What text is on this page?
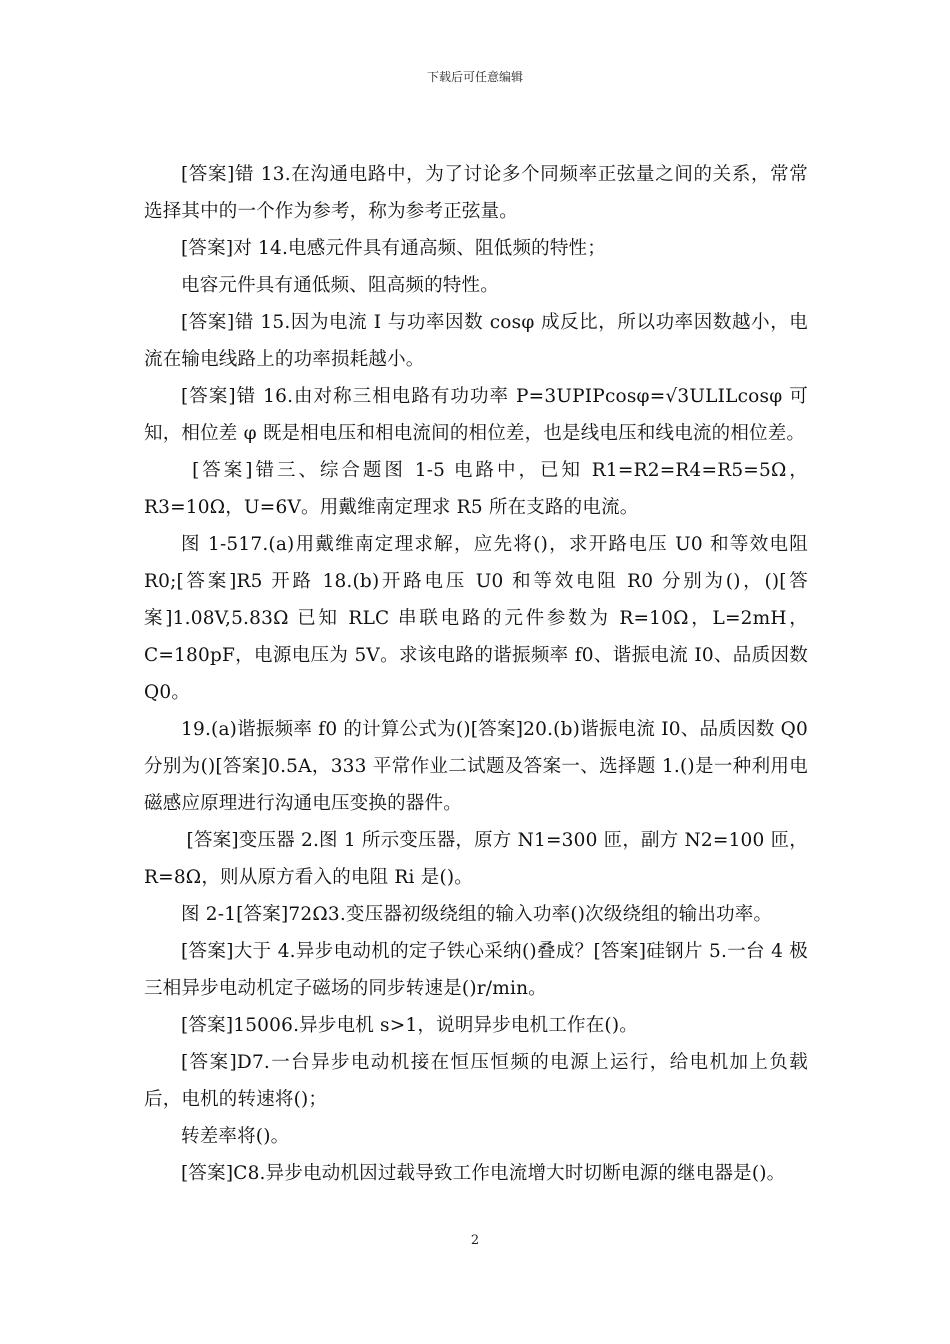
下载后可任意编辑

[答案]错 13.在沟通电路中，为了讨论多个同频率正弦量之间的关系，常常选择其中的一个作为参考，称为参考正弦量。

[答案]对 14.电感元件具有通高频、阻低频的特性；

电容元件具有通低频、阻高频的特性。

[答案]错 15.因为电流 I 与功率因数 cosφ 成反比，所以功率因数越小，电流在输电线路上的功率损耗越小。

[答案]错 16.由对称三相电路有功功率 P=3UPIPcosφ=√3ULILcosφ 可知，相位差 φ 既是相电压和相电流间的相位差，也是线电压和线电流的相位差。

[答案]错三、综合题图 1-5 电路中，已知 R1=R2=R4=R5=5Ω，R3=10Ω，U=6V。用戴维南定理求 R5 所在支路的电流。

图 1-517.(a)用戴维南定理求解，应先将()，求开路电压 U0 和等效电阻 R0;[答案]R5 开路 18.(b)开路电压 U0 和等效电阻 R0 分别为()，()[答案]1.08V,5.83Ω 已知 RLC 串联电路的元件参数为 R=10Ω，L=2mH，C=180pF，电源电压为 5V。求该电路的谐振频率 f0、谐振电流 I0、品质因数 Q0。

19.(a)谐振频率 f0 的计算公式为()[答案]20.(b)谐振电流 I0、品质因数 Q0 分别为()[答案]0.5A，333 平常作业二试题及答案一、选择题 1.()是一种利用电磁感应原理进行沟通电压变换的器件。

[答案]变压器 2.图 1 所示变压器，原方 N1=300 匝，副方 N2=100 匝，R=8Ω，则从原方看入的电阻 Ri 是()。

图 2-1[答案]72Ω3.变压器初级绕组的输入功率()次级绕组的输出功率。

[答案]大于 4.异步电动机的定子铁心采纳()叠成？[答案]硅钢片 5.一台 4 极三相异步电动机定子磁场的同步转速是()r/min。

[答案]15006.异步电机 s>1，说明异步电机工作在()。

[答案]D7.一台异步电动机接在恒压恒频的电源上运行，给电机加上负载后，电机的转速将()；

转差率将()。

[答案]C8.异步电动机因过载导致工作电流增大时切断电源的继电器是()。

2
